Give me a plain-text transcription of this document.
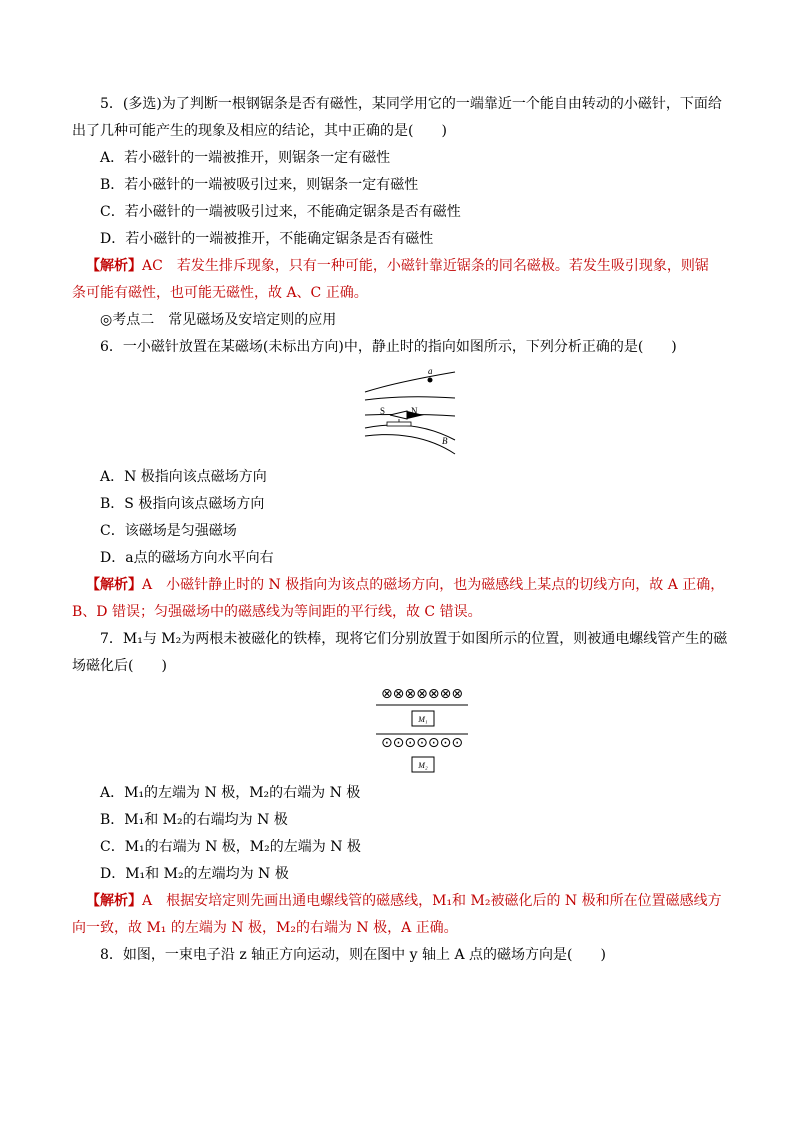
5．(多选)为了判断一根钢锯条是否有磁性，某同学用它的一端靠近一个能自由转动的小磁针，下面给
出了几种可能产生的现象及相应的结论，其中正确的是(　　)
A．若小磁针的一端被推开，则锯条一定有磁性
B．若小磁针的一端被吸引过来，则锯条一定有磁性
C．若小磁针的一端被吸引过来，不能确定锯条是否有磁性
D．若小磁针的一端被推开，不能确定锯条是否有磁性
【解析】AC　若发生排斥现象，只有一种可能，小磁针靠近锯条的同名磁极。若发生吸引现象，则锯
条可能有磁性，也可能无磁性，故 A、C 正确。
◎考点二　常见磁场及安培定则的应用
6．一小磁针放置在某磁场(未标出方向)中，静止时的指向如图所示，下列分析正确的是(　　)
a
S	N
B
A．N 极指向该点磁场方向
B．S 极指向该点磁场方向
C．该磁场是匀强磁场
D．a点的磁场方向水平向右
【解析】A　小磁针静止时的 N 极指向为该点的磁场方向，也为磁感线上某点的切线方向，故 A 正确，
B、D 错误；匀强磁场中的磁感线为等间距的平行线，故 C 错误。
7．M₁与 M₂为两根未被磁化的铁棒，现将它们分别放置于如图所示的位置，则被通电螺线管产生的磁
场磁化后(　　)
⊗⊗⊗⊗⊗⊗⊗
M₁
⊙⊙⊙⊙⊙⊙⊙
M₂
A．M₁的左端为 N 极，M₂的右端为 N 极
B．M₁和 M₂的右端均为 N 极
C．M₁的右端为 N 极，M₂的左端为 N 极
D．M₁和 M₂的左端均为 N 极
【解析】A　根据安培定则先画出通电螺线管的磁感线，M₁和 M₂被磁化后的 N 极和所在位置磁感线方
向一致，故 M₁ 的左端为 N 极，M₂的右端为 N 极，A 正确。
8．如图，一束电子沿 z 轴正方向运动，则在图中 y 轴上 A 点的磁场方向是(　　)
